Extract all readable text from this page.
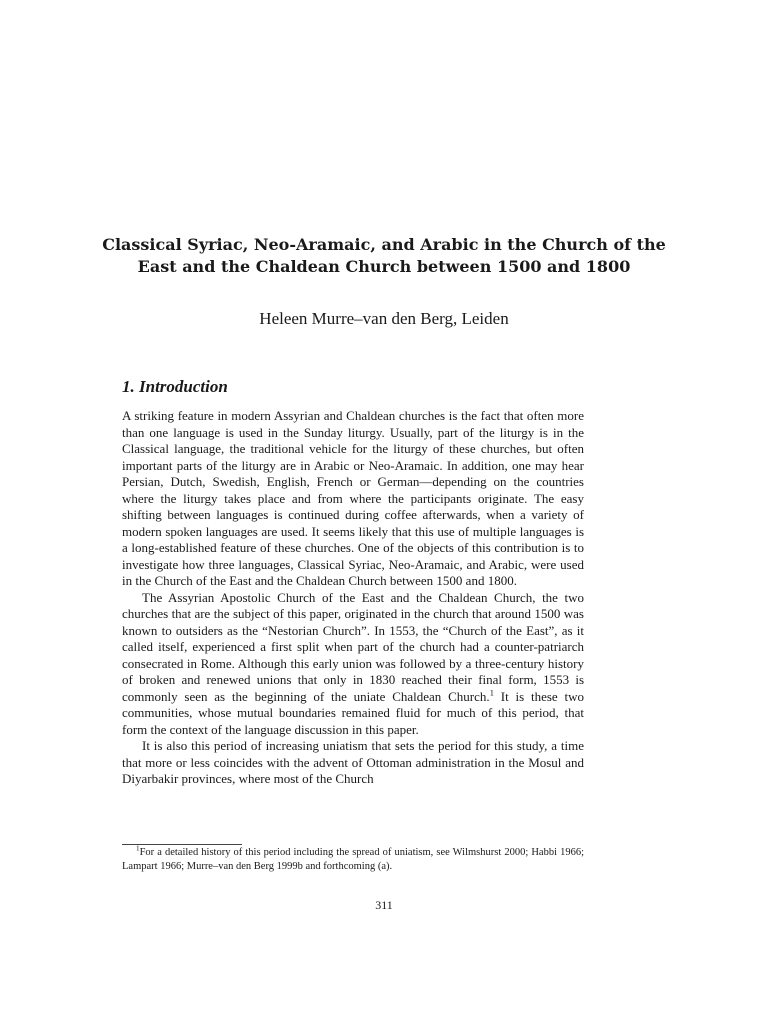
Classical Syriac, Neo-Aramaic, and Arabic in the Church of the East and the Chaldean Church between 1500 and 1800
Heleen Murre–van den Berg, Leiden
1. Introduction

A striking feature in modern Assyrian and Chaldean churches is the fact that often more than one language is used in the Sunday liturgy. Usually, part of the liturgy is in the Classical language, the traditional vehicle for the liturgy of these churches, but often important parts of the liturgy are in Arabic or Neo-Aramaic. In addition, one may hear Persian, Dutch, Swedish, English, French or German—depending on the countries where the liturgy takes place and from where the participants originate. The easy shifting between languages is continued during coffee afterwards, when a variety of modern spoken languages are used. It seems likely that this use of multiple languages is a long-established feature of these churches. One of the objects of this contribution is to investigate how three languages, Classical Syriac, Neo-Aramaic, and Arabic, were used in the Church of the East and the Chaldean Church between 1500 and 1800.

The Assyrian Apostolic Church of the East and the Chaldean Church, the two churches that are the subject of this paper, originated in the church that around 1500 was known to outsiders as the “Nestorian Church”. In 1553, the “Church of the East”, as it called itself, experienced a first split when part of the church had a counter-patriarch consecrated in Rome. Although this early union was followed by a three-century history of broken and renewed unions that only in 1830 reached their final form, 1553 is commonly seen as the beginning of the uniate Chaldean Church.$^1$ It is these two communities, whose mutual boundaries remained fluid for much of this period, that form the context of the language discussion in this paper.

It is also this period of increasing uniatism that sets the period for this study, a time that more or less coincides with the advent of Ottoman administration in the Mosul and Diyarbakir provinces, where most of the Church

$^1$For a detailed history of this period including the spread of uniatism, see Wilmshurst 2000; Habbi 1966; Lampart 1966; Murre–van den Berg 1999b and forthcoming (a).
311
